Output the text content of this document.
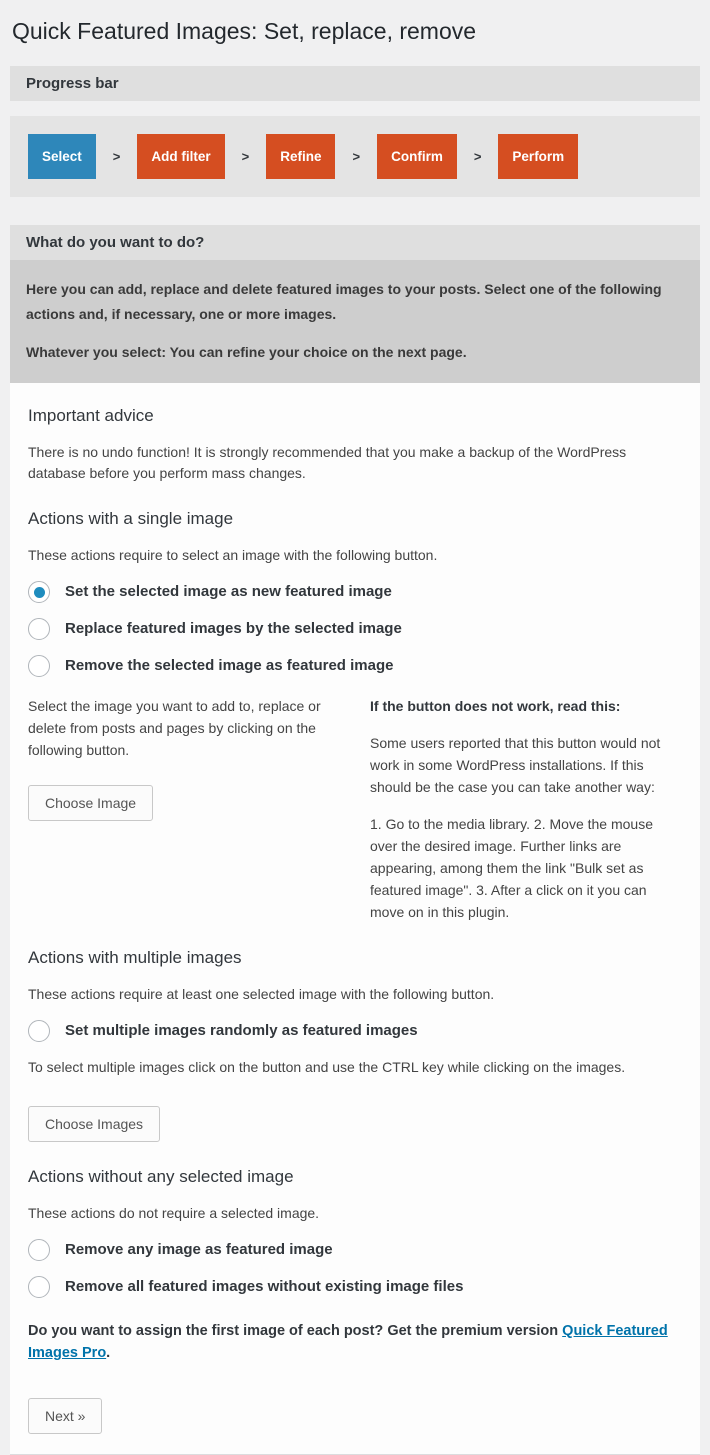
Quick Featured Images: Set, replace, remove
Progress bar
Select	>	Add filter	>	Refine	>	Confirm	>	Perform
What do you want to do?

Here you can add, replace and delete featured images to your posts. Select one of the following actions and, if necessary, one or more images.

Whatever you select: You can refine your choice on the next page.

Important advice

There is no undo function! It is strongly recommended that you make a backup of the WordPress database before you perform mass changes.

Actions with a single image

These actions require to select an image with the following button.

Set the selected image as new featured image
Replace featured images by the selected image
Remove the selected image as featured image

Select the image you want to add to, replace or delete from posts and pages by clicking on the following button.

Choose Image

If the button does not work, read this:

Some users reported that this button would not work in some WordPress installations. If this should be the case you can take another way:

1. Go to the media library. 2. Move the mouse over the desired image. Further links are appearing, among them the link "Bulk set as featured image". 3. After a click on it you can move on in this plugin.

Actions with multiple images

These actions require at least one selected image with the following button.

Set multiple images randomly as featured images

To select multiple images click on the button and use the CTRL key while clicking on the images.

Choose Images
Actions without any selected image

These actions do not require a selected image.

Remove any image as featured image
Remove all featured images without existing image files

Do you want to assign the first image of each post? Get the premium version Quick Featured Images Pro.

Next »
